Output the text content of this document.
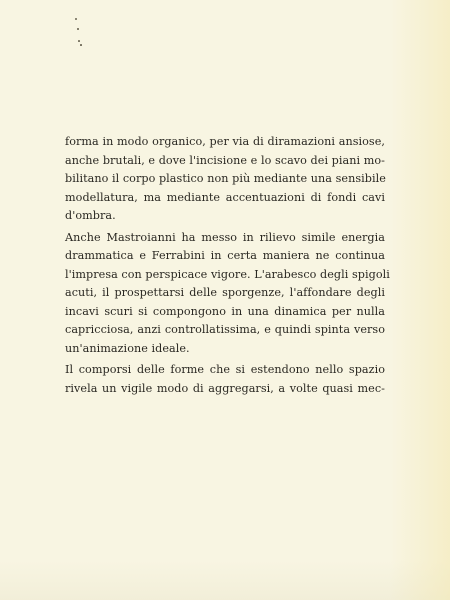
forma in modo organico, per via di diramazioni ansiose,
anche brutali, e dove l'incisione e lo scavo dei piani mo-
bilitano il corpo plastico non più mediante una sensibile
modellatura, ma mediante accentuazioni di fondi cavi
d'ombra.

Anche Mastroianni ha messo in rilievo simile energia
drammatica e Ferrabini in certa maniera ne continua
l'impresa con perspicace vigore. L'arabesco degli spigoli
acuti, il prospettarsi delle sporgenze, l'affondare degli
incavi scuri si compongono in una dinamica per nulla
capricciosa, anzi controllatissima, e quindi spinta verso
un'animazione ideale.

Il comporsi delle forme che si estendono nello spazio
rivela un vigile modo di aggregarsi, a volte quasi mec-
